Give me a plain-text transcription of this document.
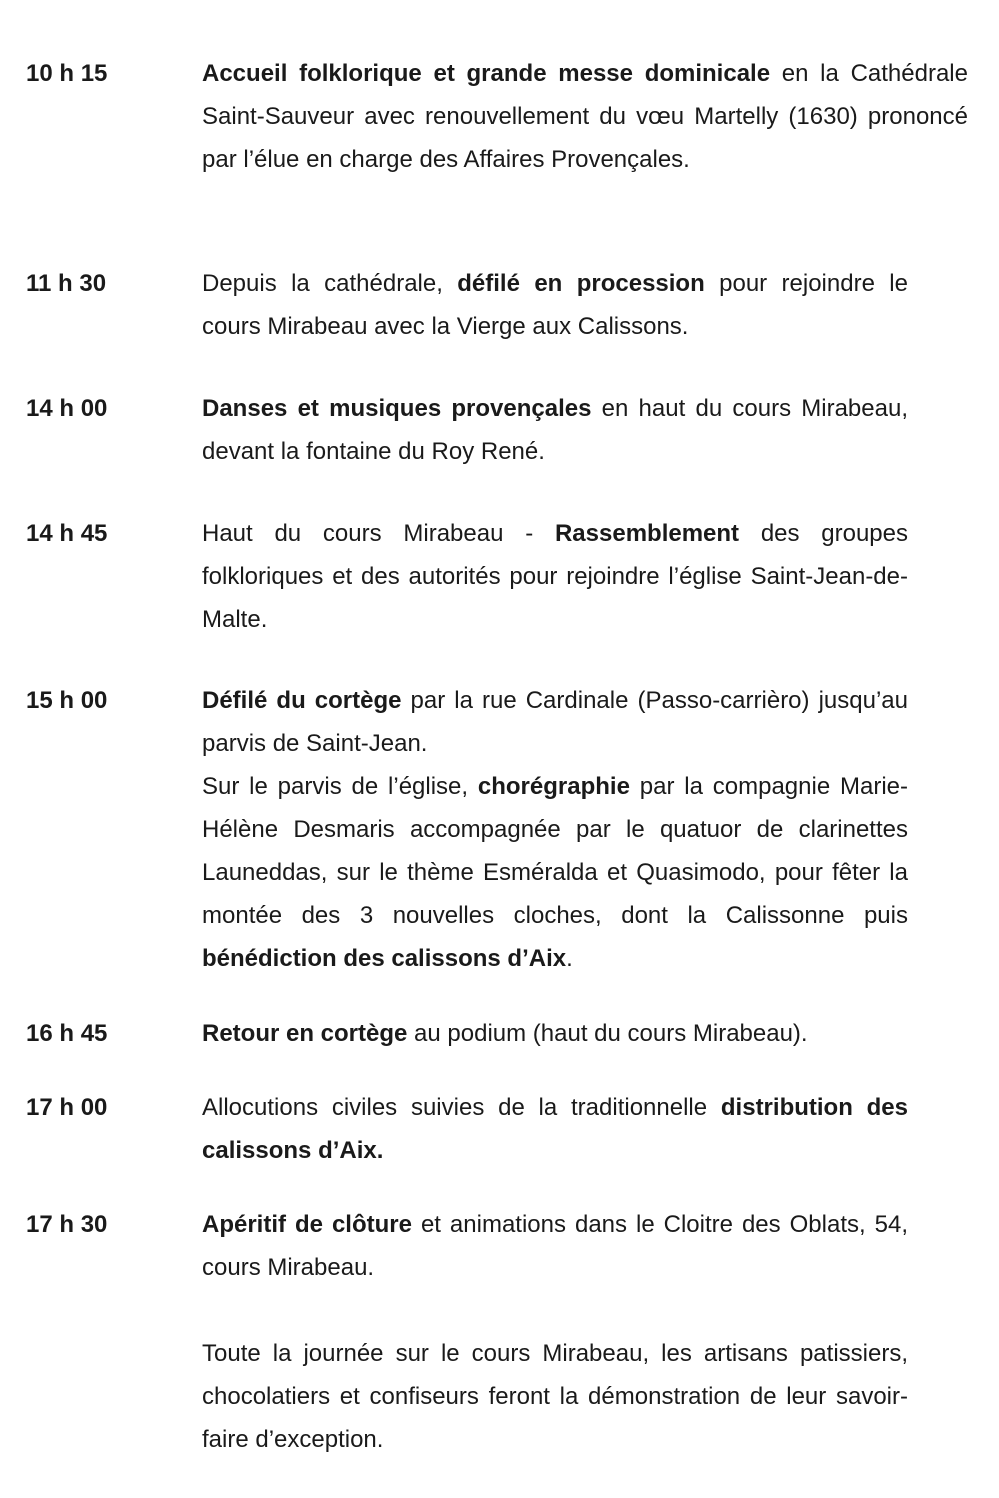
10 h 15	Accueil folklorique et grande messe dominicale en la Cathédrale Saint-Sauveur avec renouvellement du vœu Martelly (1630) prononcé par l’élue en charge des Affaires Provençales.

11 h 30	Depuis la cathédrale, défilé en procession pour rejoindre le cours Mirabeau avec la Vierge aux Calissons.

14 h 00	Danses et musiques provençales en haut du cours Mirabeau, devant la fontaine du Roy René.

14 h 45	Haut du cours Mirabeau - Rassemblement des groupes folkloriques et des autorités pour rejoindre l’église Saint-Jean-de-Malte.

15 h 00	Défilé du cortège par la rue Cardinale (Passo-carrièro) jusqu’au parvis de Saint-Jean.

Sur le parvis de l’église, chorégraphie par la compagnie Marie-Hélène Desmaris accompagnée par le quatuor de clarinettes Launeddas, sur le thème Esméralda et Quasimodo, pour fêter la montée des 3 nouvelles cloches, dont la Calissonne puis bénédiction des calissons d’Aix.

16 h 45	Retour en cortège au podium (haut du cours Mirabeau).

17 h 00	Allocutions civiles suivies de la traditionnelle distribution des calissons d’Aix.

17 h 30	Apéritif de clôture et animations dans le Cloitre des Oblats, 54, cours Mirabeau.

Toute la journée sur le cours Mirabeau, les artisans patissiers, chocolatiers et confiseurs feront la démonstration de leur savoir-faire d’exception.
